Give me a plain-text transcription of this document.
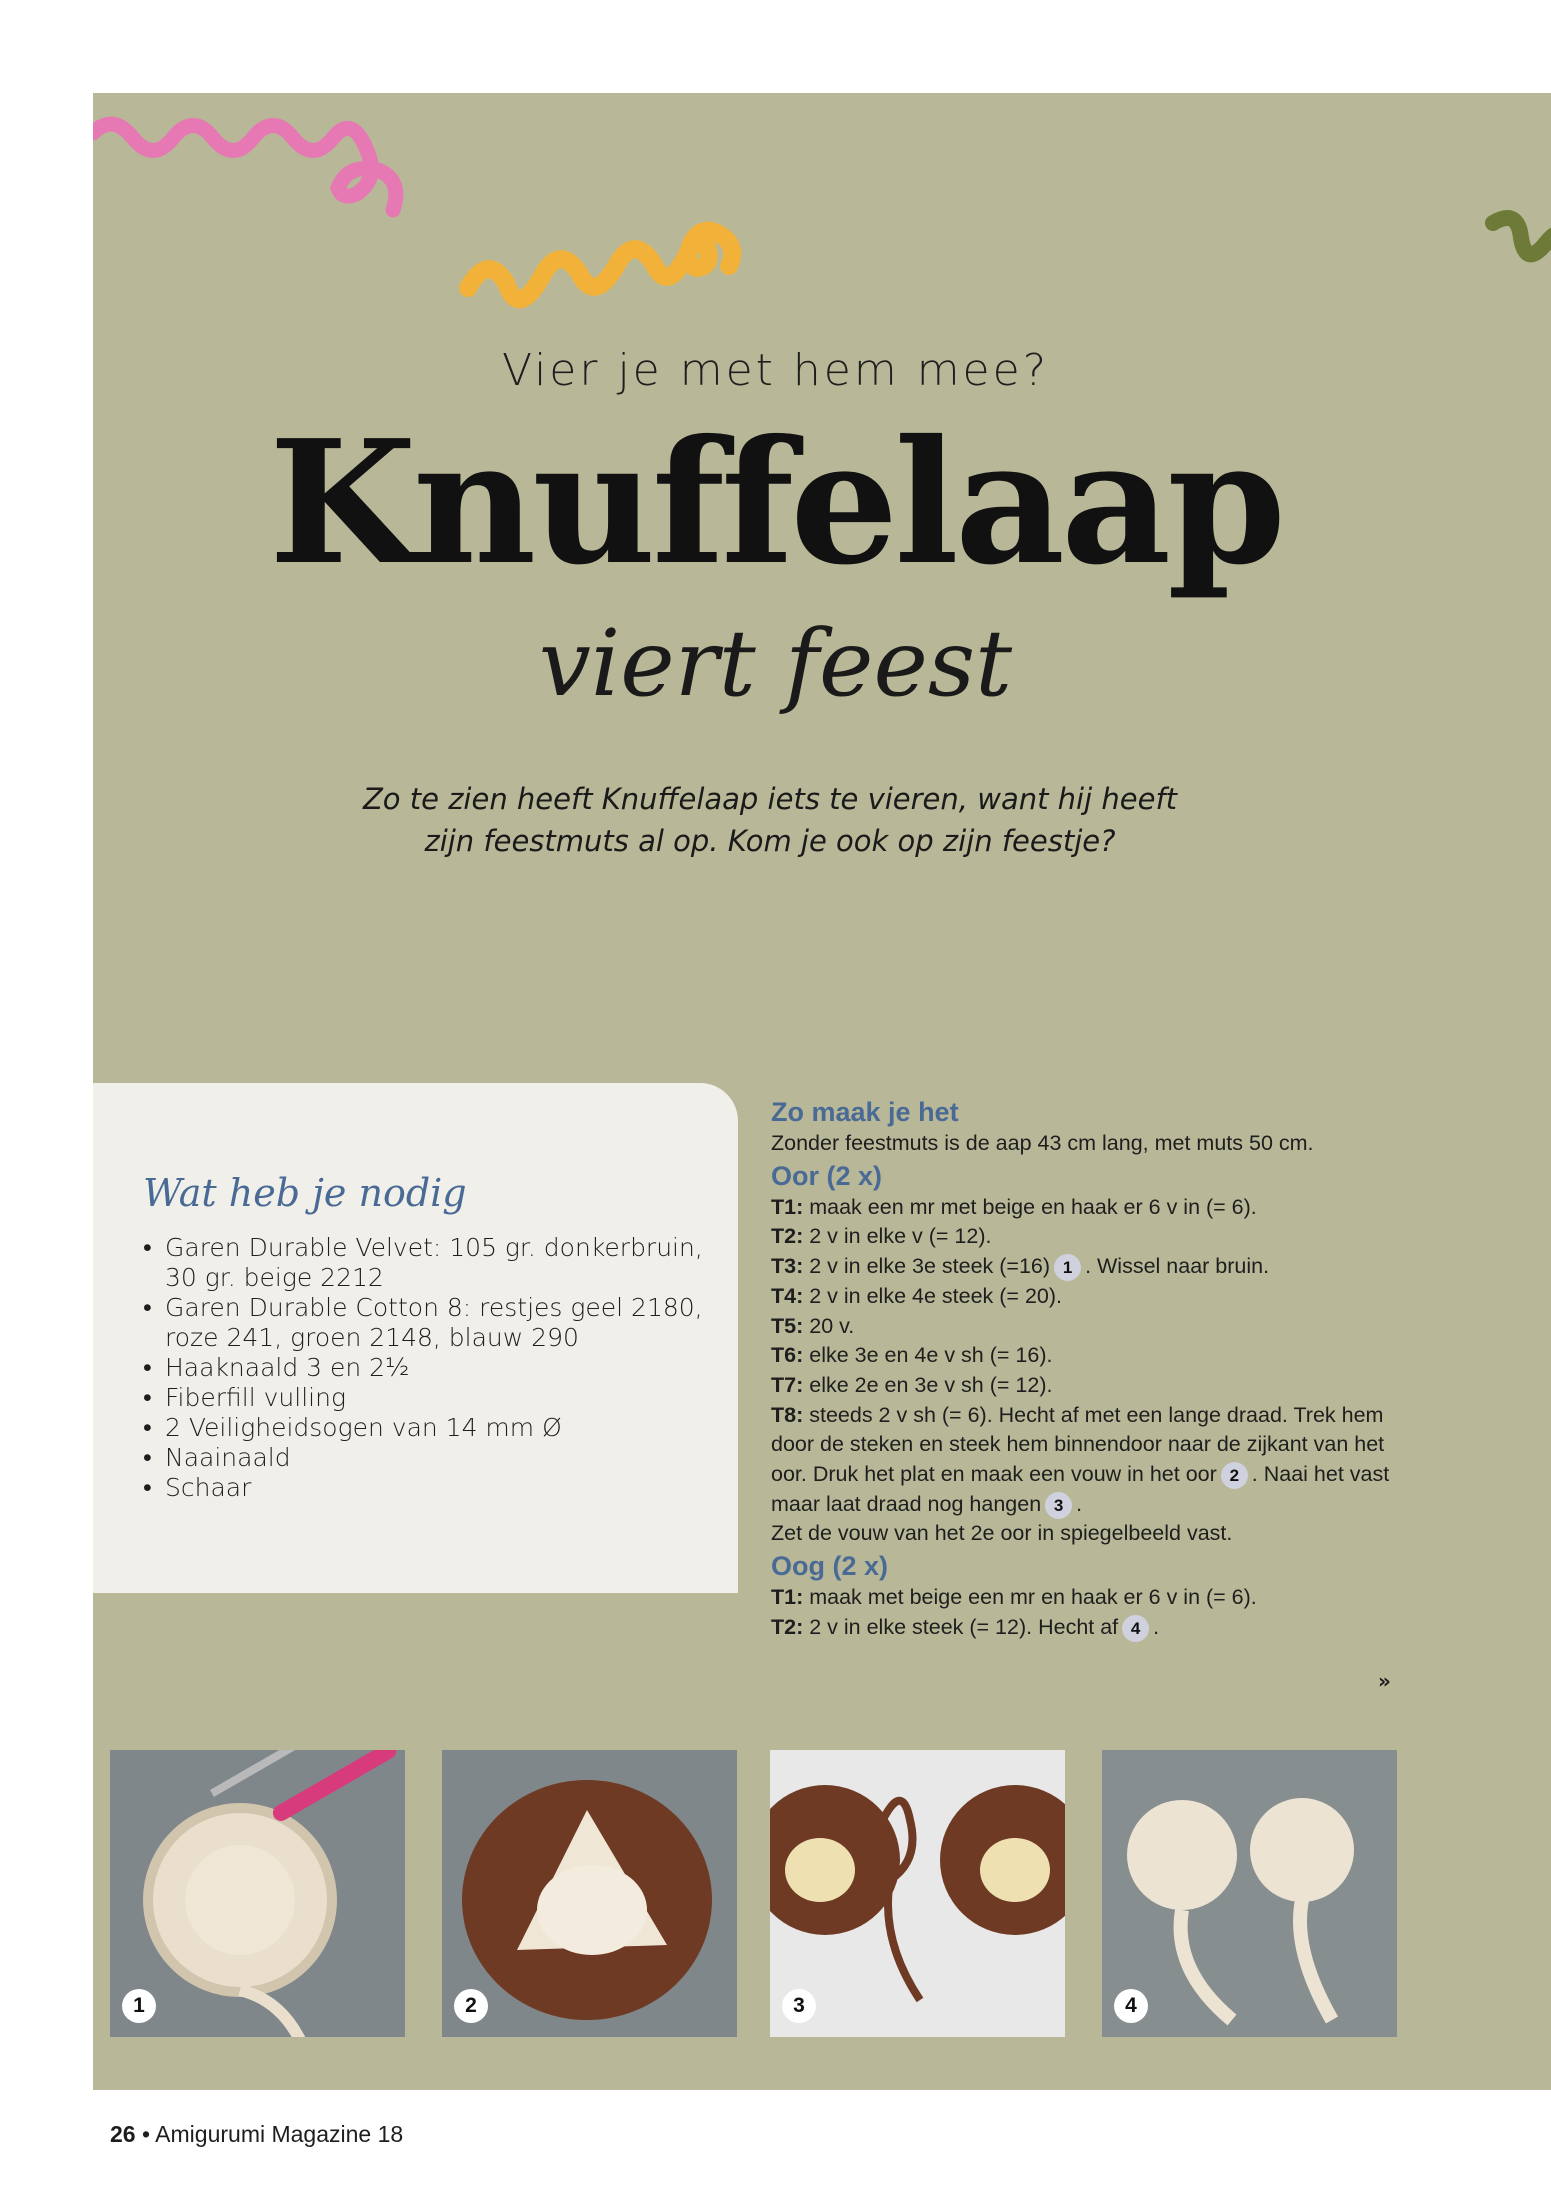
Vier je met hem mee?
Knuffelaap
viert feest
Zo te zien heeft Knuffelaap iets te vieren, want hij heeft
zijn feestmuts al op. Kom je ook op zijn feestje?
Wat heb je nodig
• Garen Durable Velvet: 105 gr. donkerbruin, 30 gr. beige 2212
• Garen Durable Cotton 8: restjes geel 2180, roze 241, groen 2148, blauw 290
• Haaknaald 3 en 2½
• Fiberfill vulling
• 2 Veiligheidsogen van 14 mm Ø
• Naainaald
• Schaar
Zo maak je het

Zonder feestmuts is de aap 43 cm lang, met muts 50 cm.

Oor (2 x)

T1: maak een mr met beige en haak er 6 v in (= 6).

T2: 2 v in elke v (= 12).

T3: 2 v in elke 3e steek (=16) 1 . Wissel naar bruin.

T4: 2 v in elke 4e steek (= 20).

T5: 20 v.

T6: elke 3e en 4e v sh (= 16).

T7: elke 2e en 3e v sh (= 12).

T8: steeds 2 v sh (= 6). Hecht af met een lange draad. Trek hem door de steken en steek hem binnendoor naar de zijkant van het oor. Druk het plat en maak een vouw in het oor 2 . Naai het vast maar laat draad nog hangen 3 .

Zet de vouw van het 2e oor in spiegelbeeld vast.

Oog (2 x)

T1: maak met beige een mr en haak er 6 v in (= 6).

T2: 2 v in elke steek (= 12). Hecht af 4 .

»
1	2	3	4
26 • Amigurumi Magazine 18
